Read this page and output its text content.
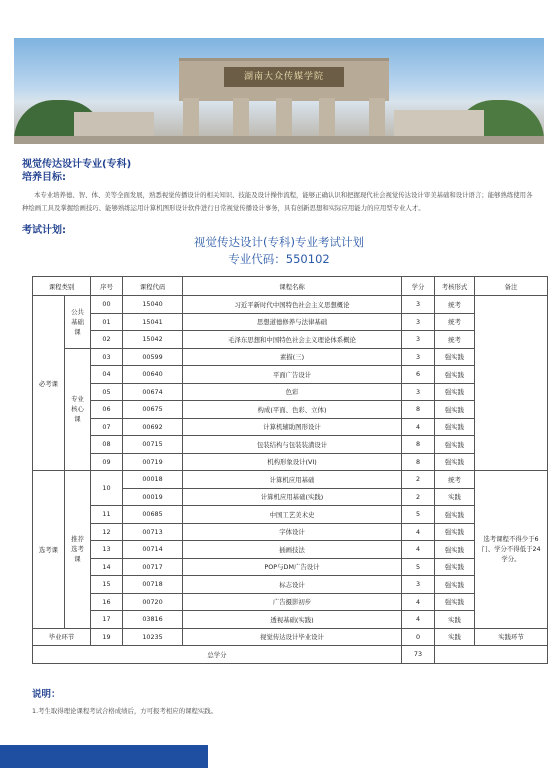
湖南大众传媒学院
视觉传达设计专业(专科)
培养目标:
本专业培养德、智、体、美等全面发展，熟悉视觉传播设计的相关知识、技能及设计操作流程，能够正确认识和把握现代社会视觉传达设计审美基础和设计语言；能够熟练使用各种绘画工具及掌握绘画技巧、能够熟练运用计算机图形设计软件进行日常视觉传播设计事务，具有创新思想和实际应用能力的应用型专业人才。
考试计划:
视觉传达设计(专科)专业考试计划
专业代码：550102
课程类别		序号	课程代码	课程名称	学分	考核形式	备注
必考课	公共基础课	00	15040	习近平新时代中国特色社会主义思想概论	3	统考	
		01	15041	思想道德修养与法律基础	3	统考	
		02	15042	毛泽东思想和中国特色社会主义理论体系概论	3	统考	
	专业核心课	03	00599	素描(三)	3	强实践	
		04	00640	平面广告设计	6	强实践	
		05	00674	色彩	3	强实践	
		06	00675	构成(平面、色彩、立体)	8	强实践	
		07	00692	计算机辅助图形设计	4	强实践	
		08	00715	包装结构与包装装潢设计	8	强实践	
		09	00719	机构形象设计(VI)	8	强实践	
选考课	推荐选考课	10	00018	计算机应用基础	2	统考	选考课程不得少于6门、学分不得低于24学分。
			00019	计算机应用基础(实践)	2	实践	
		11	00685	中国工艺美术史	5	强实践	
		12	00713	字体设计	4	强实践	
		13	00714	插画技法	4	强实践	
		14	00717	POP与DM广告设计	5	强实践	
		15	00718	标志设计	3	强实践	
		16	00720	广告摄影初步	4	强实践	
		17	03816	透视基础(实践)	4	实践	
毕业环节		19	10235	视觉传达设计毕业设计	0	实践	实践环节
总学分					73		
说明：
1.考生取得理论课程考试合格成绩后，方可报考相应的课程实践。
